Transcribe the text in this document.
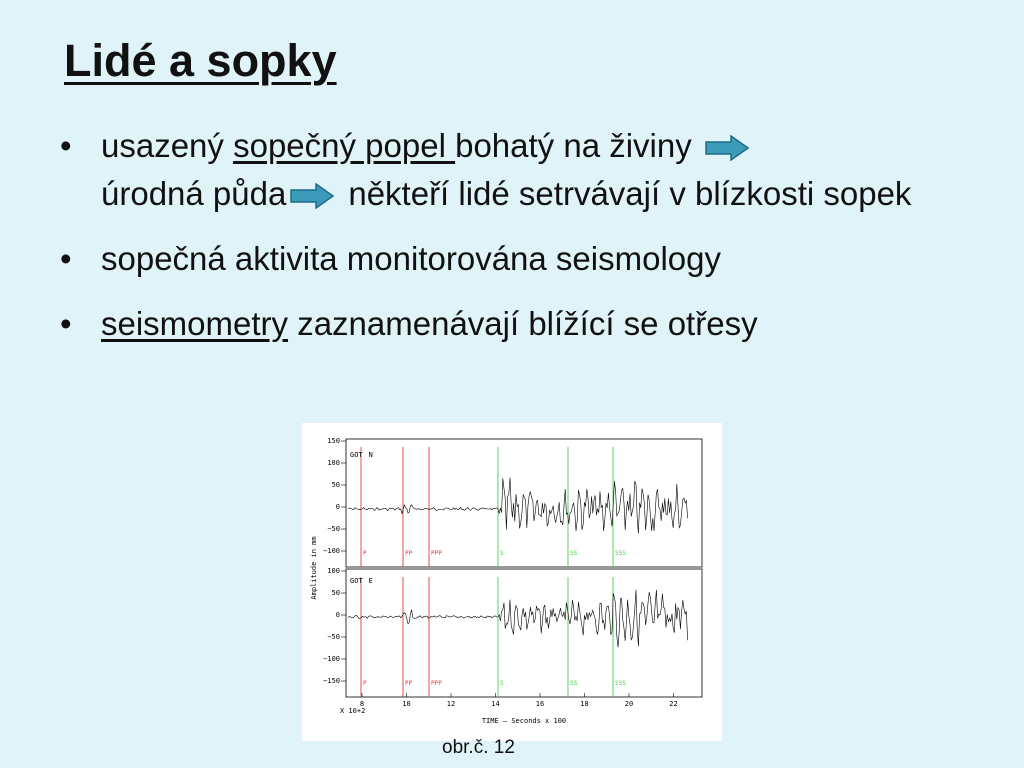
Lidé a sopky
• usazený sopečný popel bohatý na živiny
úrodná půda někteří lidé setrvávají v blízkosti sopek
• sopečná aktivita monitorována seismology
• seismometry zaznamenávají blížící se otřesy
GOT N
GOT E
150
100
50
0
−50
−100
100
50
0
−50
−100
−150
P	PP	PPP	S	SS	SSS
P	PP	PPP	S	SS	SSS
8	10	12	14	16	18	20	22
Amplitude in mm
TIME – Seconds x 100
X 10+2
obr.č. 12
